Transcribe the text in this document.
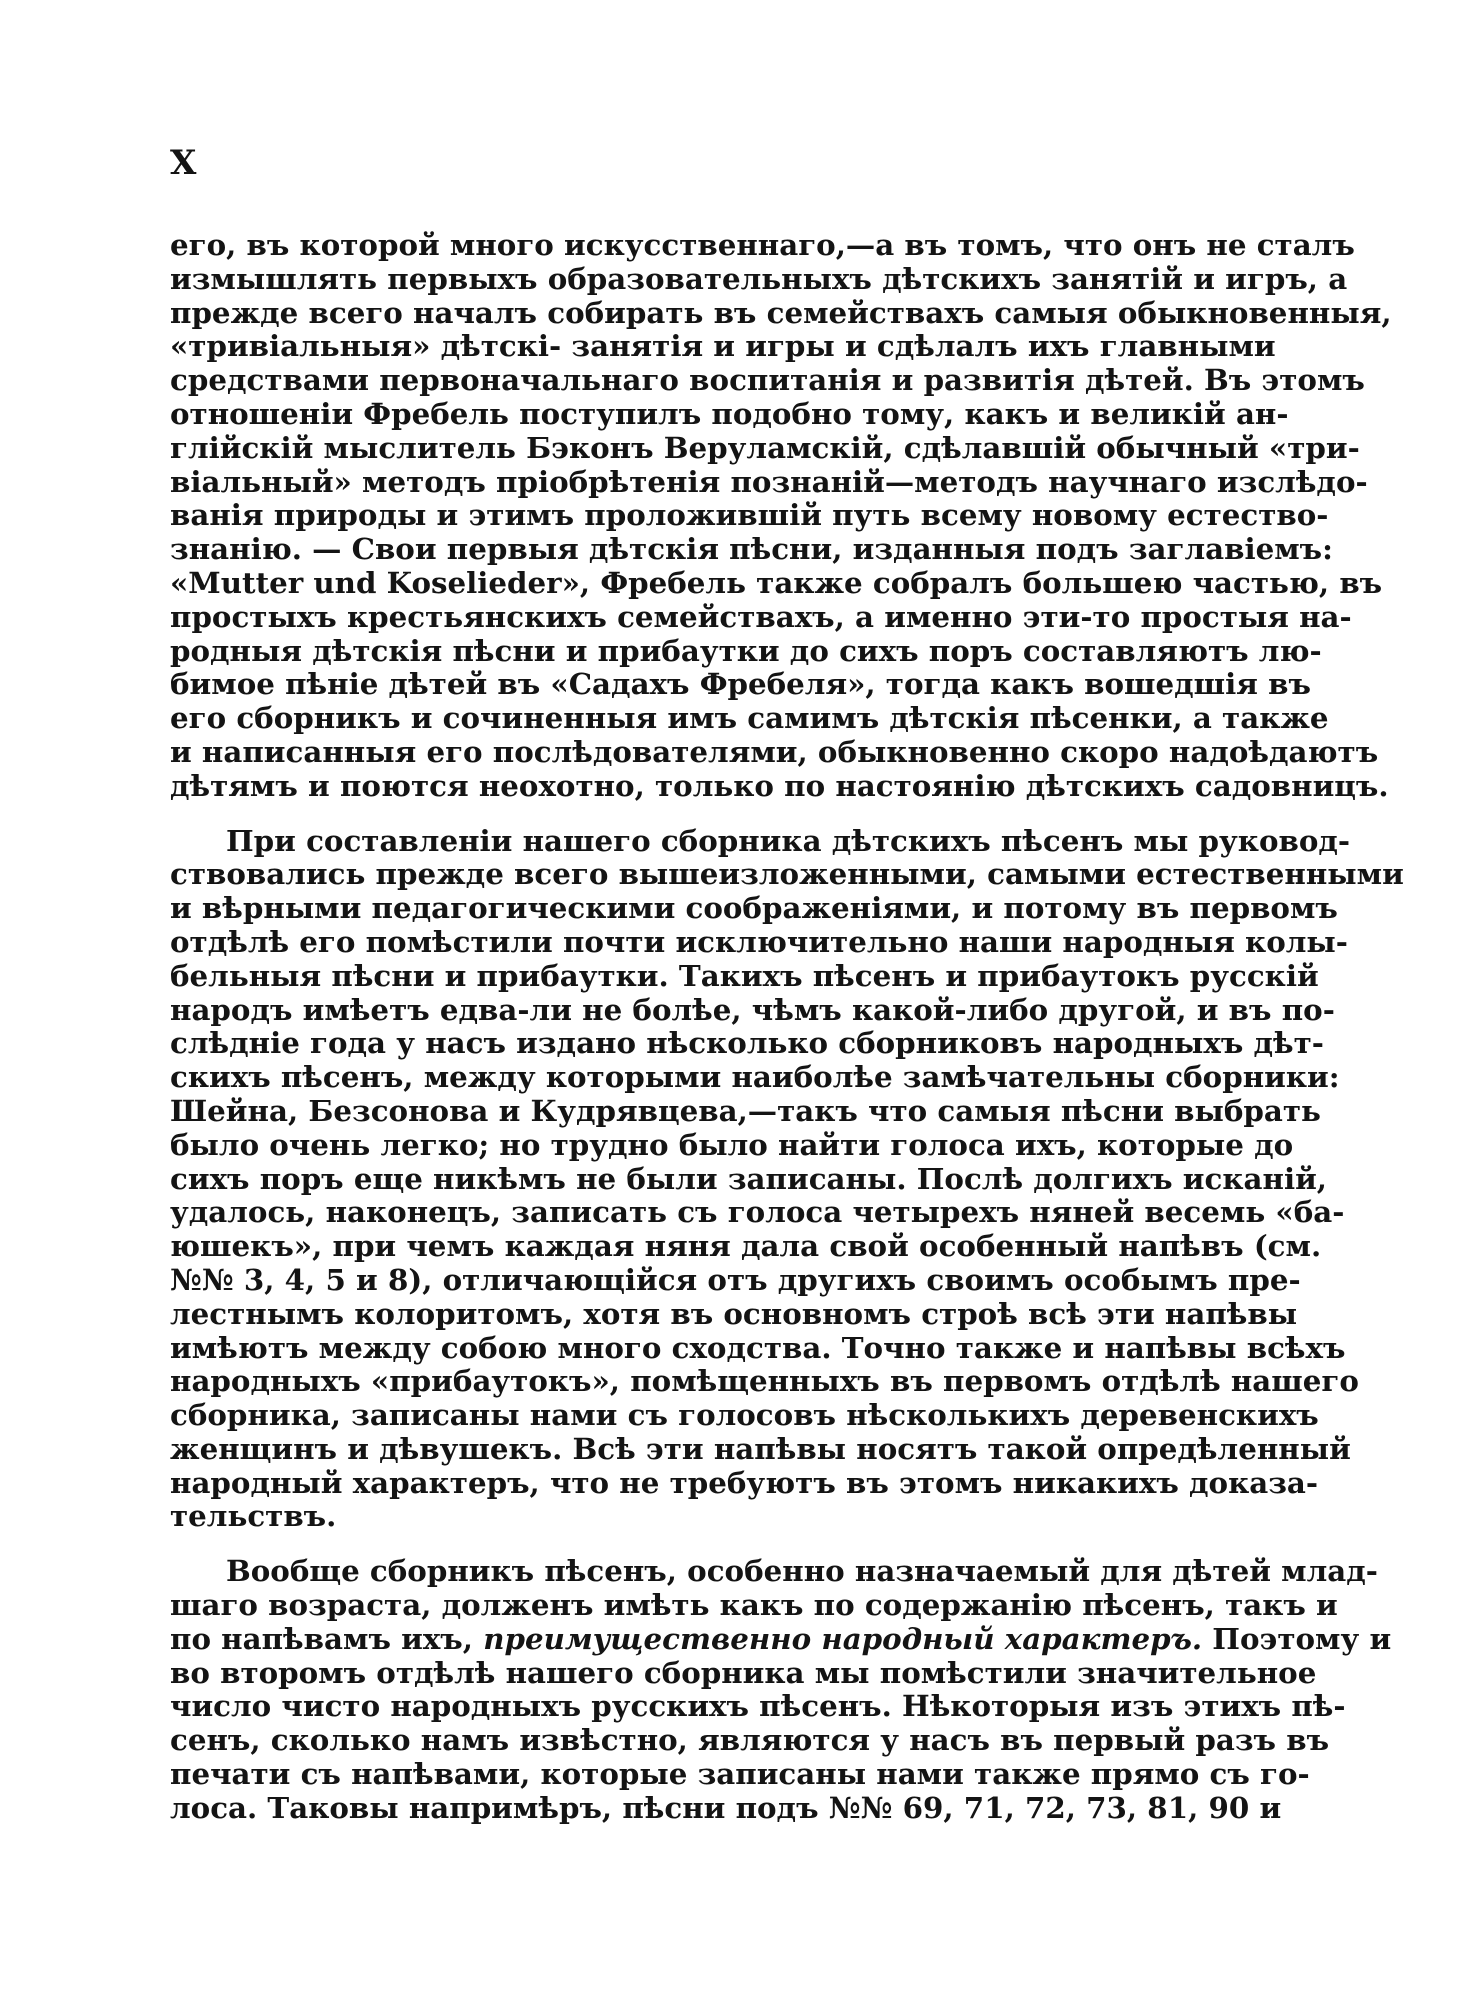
X

его, въ которой много искусственнаго,—а въ томъ, что онъ не сталъ
измышлять первыхъ образовательныхъ дѣтскихъ занятій и игръ, а
прежде всего началъ собирать въ семействахъ самыя обыкновенныя,
«тривіальныя» дѣтскі‑ занятія и игры и сдѣлалъ ихъ главными
средствами первоначальнаго воспитанія и развитія дѣтей. Въ этомъ
отношеніи Фребель поступилъ подобно тому, какъ и великій ан-
глійскій мыслитель Бэконъ Веруламскій, сдѣлавшій обычный «три-
віальный» методъ пріобрѣтенія познаній—методъ научнаго изслѣдо-
ванія природы и этимъ проложившій путь всему новому естество-
знанію. — Свои первыя дѣтскія пѣсни, изданныя подъ заглавіемъ:
«Mutter und Koselieder», Фребель также собралъ большею частью, въ
простыхъ крестьянскихъ семействахъ, а именно эти-то простыя на-
родныя дѣтскія пѣсни и прибаутки до сихъ поръ составляютъ лю-
бимое пѣніе дѣтей въ «Садахъ Фребеля», тогда какъ вошедшія въ
его сборникъ и сочиненныя имъ самимъ дѣтскія пѣсенки, а также
и написанныя его послѣдователями, обыкновенно скоро надоѣдаютъ
дѣтямъ и поются неохотно, только по настоянію дѣтскихъ садовницъ.

При составленіи нашего сборника дѣтскихъ пѣсенъ мы руковод-
ствовались прежде всего вышеизложенными, самыми естественными
и вѣрными педагогическими соображеніями, и потому въ первомъ
отдѣлѣ его помѣстили почти исключительно наши народныя колы-
бельныя пѣсни и прибаутки. Такихъ пѣсенъ и прибаутокъ русскій
народъ имѣетъ едва-ли не болѣе, чѣмъ какой-либо другой, и въ по-
слѣдніе года у насъ издано нѣсколько сборниковъ народныхъ дѣт-
скихъ пѣсенъ, между которыми наиболѣе замѣчательны сборники:
Шейна, Безсонова и Кудрявцева,—такъ что самыя пѣсни выбрать
было очень легко; но трудно было найти голоса ихъ, которые до
сихъ поръ еще никѣмъ не были записаны. Послѣ долгихъ исканій,
удалось, наконецъ, записать съ голоса четырехъ няней весемь «ба-
юшекъ», при чемъ каждая няня дала свой особенный напѣвъ (см.
№№ 3, 4, 5 и 8), отличающійся отъ другихъ своимъ особымъ пре-
лестнымъ колоритомъ, хотя въ основномъ строѣ всѣ эти напѣвы
имѣютъ между собою много сходства. Точно также и напѣвы всѣхъ
народныхъ «прибаутокъ», помѣщенныхъ въ первомъ отдѣлѣ нашего
сборника, записаны нами съ голосовъ нѣсколькихъ деревенскихъ
женщинъ и дѣвушекъ. Всѣ эти напѣвы носятъ такой опредѣленный
народный характеръ, что не требуютъ въ этомъ никакихъ доказа-
тельствъ.

Вообще сборникъ пѣсенъ, особенно назначаемый для дѣтей млад-
шаго возраста, долженъ имѣть какъ по содержанію пѣсенъ, такъ и
по напѣвамъ ихъ, преимущественно народный характеръ. Поэтому и
во второмъ отдѣлѣ нашего сборника мы помѣстили значительное
число чисто народныхъ русскихъ пѣсенъ. Нѣкоторыя изъ этихъ пѣ-
сенъ, сколько намъ извѣстно, являются у насъ въ первый разъ въ
печати съ напѣвами, которые записаны нами также прямо съ го-
лоса. Таковы напримѣръ, пѣсни подъ №№ 69, 71, 72, 73, 81, 90 и
